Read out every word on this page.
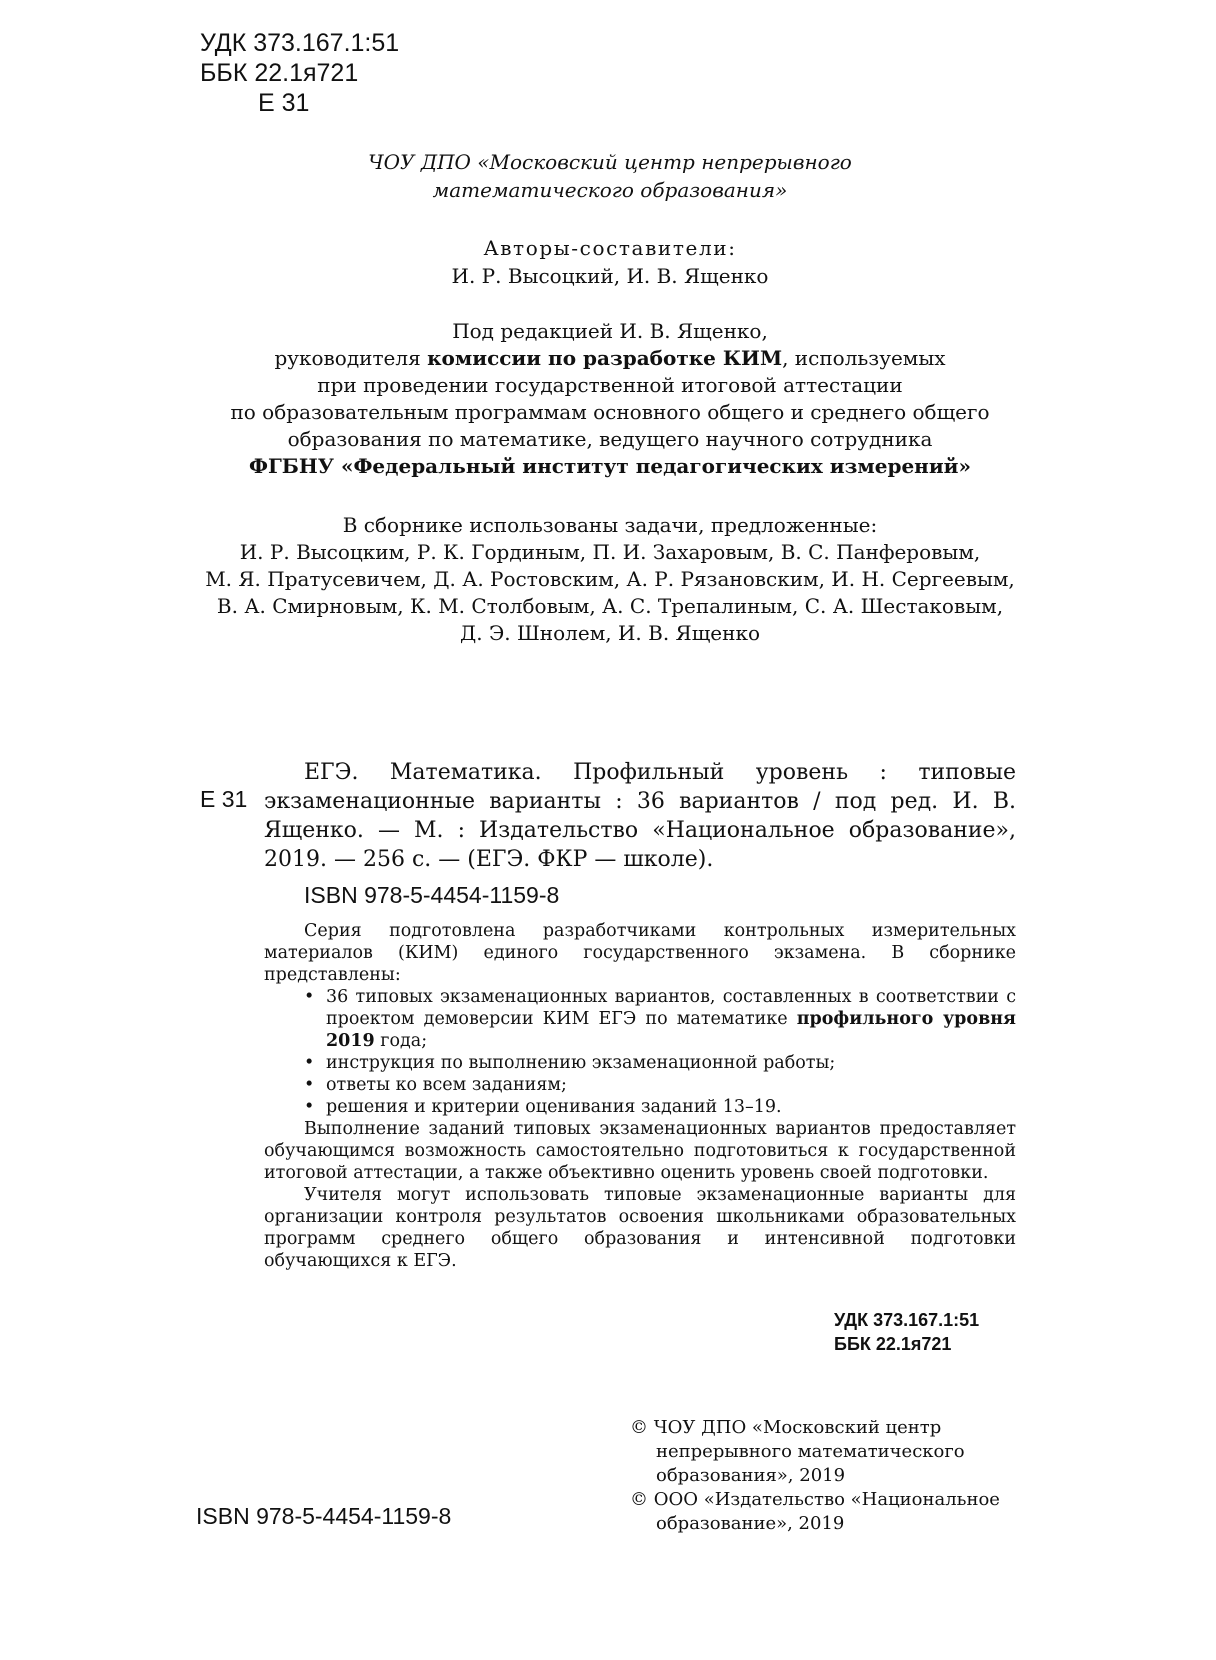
УДК 373.167.1:51
ББК 22.1я721
Е 31
ЧОУ ДПО «Московский центр непрерывного
математического образования»
Авторы-составители:
И. Р. Высоцкий, И. В. Ященко
Под редакцией И. В. Ященко,
руководителя комиссии по разработке КИМ, используемых
при проведении государственной итоговой аттестации
по образовательным программам основного общего и среднего общего
образования по математике, ведущего научного сотрудника
ФГБНУ «Федеральный институт педагогических измерений»
В сборнике использованы задачи, предложенные:
И. Р. Высоцким, Р. К. Гординым, П. И. Захаровым, В. С. Панферовым,
М. Я. Пратусевичем, Д. А. Ростовским, А. Р. Рязановским, И. Н. Сергеевым,
В. А. Смирновым, К. М. Столбовым, А. С. Трепалиным, С. А. Шестаковым,
Д. Э. Шнолем, И. В. Ященко
Е 31
ЕГЭ. Математика. Профильный уровень : типовые экзаменационные варианты : 36 вариантов / под ред. И. В. Ященко. — М. : Издательство «Национальное образование», 2019. — 256 с. — (ЕГЭ. ФКР — школе).
ISBN 978-5-4454-1159-8

Серия подготовлена разработчиками контрольных измерительных материалов (КИМ) единого государственного экзамена. В сборнике представлены:

• 36 типовых экзаменационных вариантов, составленных в соответствии с проектом демоверсии КИМ ЕГЭ по математике профильного уровня 2019 года;
• инструкция по выполнению экзаменационной работы;
• ответы ко всем заданиям;
• решения и критерии оценивания заданий 13–19.

Выполнение заданий типовых экзаменационных вариантов предоставляет обучающимся возможность самостоятельно подготовиться к государственной итоговой аттестации, а также объективно оценить уровень своей подготовки.

Учителя могут использовать типовые экзаменационные варианты для организации контроля результатов освоения школьниками образовательных программ среднего общего образования и интенсивной подготовки обучающихся к ЕГЭ.

УДК 373.167.1:51
ББК 22.1я721
© ЧОУ ДПО «Московский центр
непрерывного математического
образования», 2019
© ООО «Издательство «Национальное
образование», 2019
ISBN 978-5-4454-1159-8
